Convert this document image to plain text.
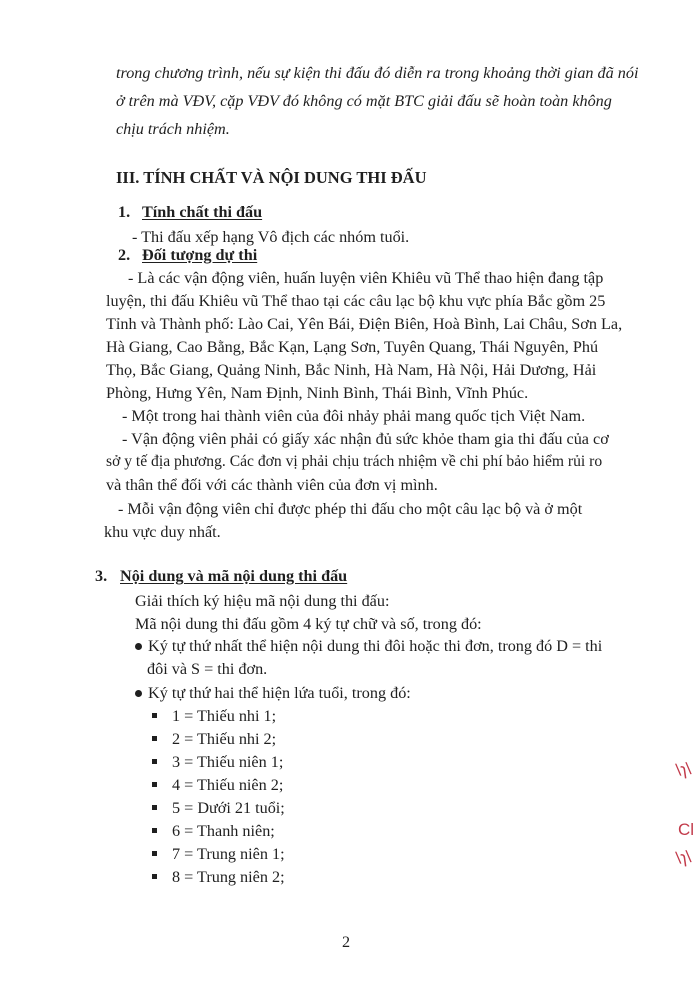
trong chương trình, nếu sự kiện thi đấu đó diễn ra trong khoảng thời gian đã nói
ở trên mà VĐV, cặp VĐV đó không có mặt BTC giải đấu sẽ hoàn toàn không
chịu trách nhiệm.
III. TÍNH CHẤT VÀ NỘI DUNG THI ĐẤU
1. Tính chất thi đấu
- Thi đấu xếp hạng Vô địch các nhóm tuổi.
2. Đối tượng dự thi
- Là các vận động viên, huấn luyện viên Khiêu vũ Thể thao hiện đang tập
luyện, thi đấu Khiêu vũ Thể thao tại các câu lạc bộ khu vực phía Bắc gồm 25
Tỉnh và Thành phố: Lào Cai, Yên Bái, Điện Biên, Hoà Bình, Lai Châu, Sơn La,
Hà Giang, Cao Bằng, Bắc Kạn, Lạng Sơn, Tuyên Quang, Thái Nguyên, Phú
Thọ, Bắc Giang, Quảng Ninh, Bắc Ninh, Hà Nam, Hà Nội, Hải Dương, Hải
Phòng, Hưng Yên, Nam Định, Ninh Bình, Thái Bình, Vĩnh Phúc.
- Một trong hai thành viên của đôi nhảy phải mang quốc tịch Việt Nam.
- Vận động viên phải có giấy xác nhận đủ sức khỏe tham gia thi đấu của cơ
sở y tế địa phương. Các đơn vị phải chịu trách nhiệm về chi phí bảo hiểm rủi ro
và thân thể đối với các thành viên của đơn vị mình.
- Mỗi vận động viên chỉ được phép thi đấu cho một câu lạc bộ và ở một
khu vực duy nhất.
3. Nội dung và mã nội dung thi đấu
Giải thích ký hiệu mã nội dung thi đấu:
Mã nội dung thi đấu gồm 4 ký tự chữ và số, trong đó:
Ký tự thứ nhất thể hiện nội dung thi đôi hoặc thi đơn, trong đó D = thi
đôi và S = thi đơn.
Ký tự thứ hai thể hiện lứa tuổi, trong đó:
1 = Thiếu nhi 1;
2 = Thiếu nhi 2;
3 = Thiếu niên 1;
4 = Thiếu niên 2;
5 = Dưới 21 tuổi;
6 = Thanh niên;
7 = Trung niên 1;
8 = Trung niên 2;
2
\ɿ\
Cl
\ɿ\
